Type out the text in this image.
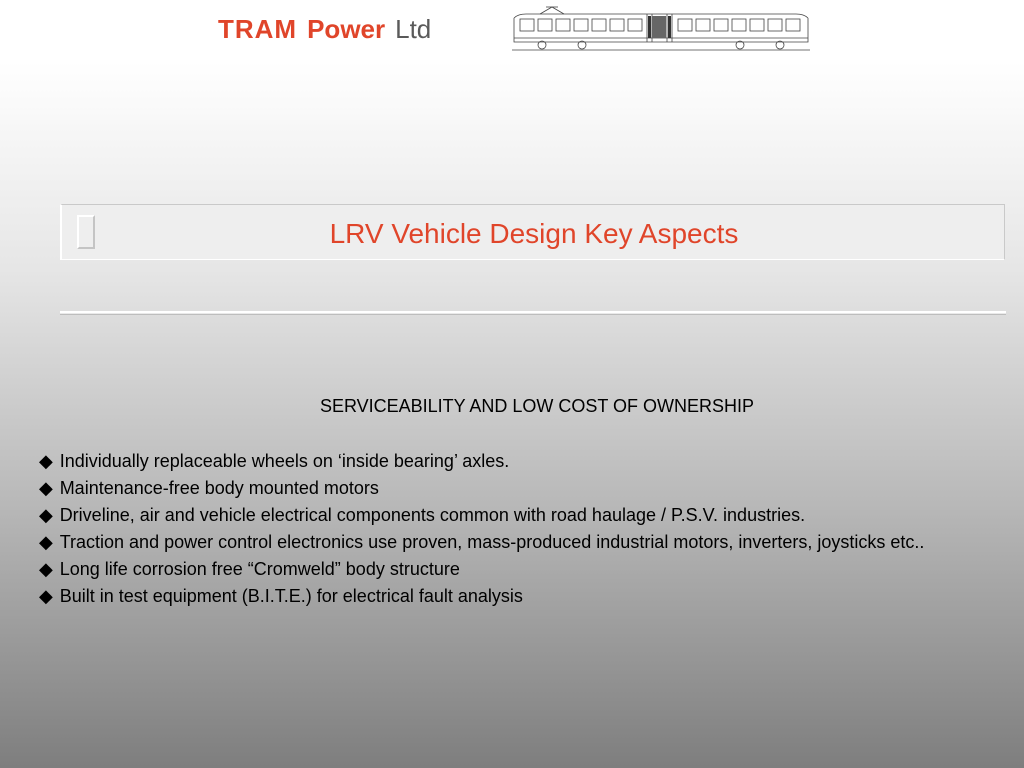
TRAM Power Ltd
LRV Vehicle Design Key Aspects
SERVICEABILITY AND LOW COST OF OWNERSHIP
◆ Individually replaceable wheels on ‘inside bearing’ axles.
◆ Maintenance-free body mounted motors
◆ Driveline, air and vehicle electrical components common with road haulage / P.S.V. industries.
◆ Traction and power control electronics use proven, mass-produced industrial motors, inverters, joysticks etc..
◆ Long life corrosion free “Cromweld” body structure
◆ Built in test equipment (B.I.T.E.) for electrical fault analysis
